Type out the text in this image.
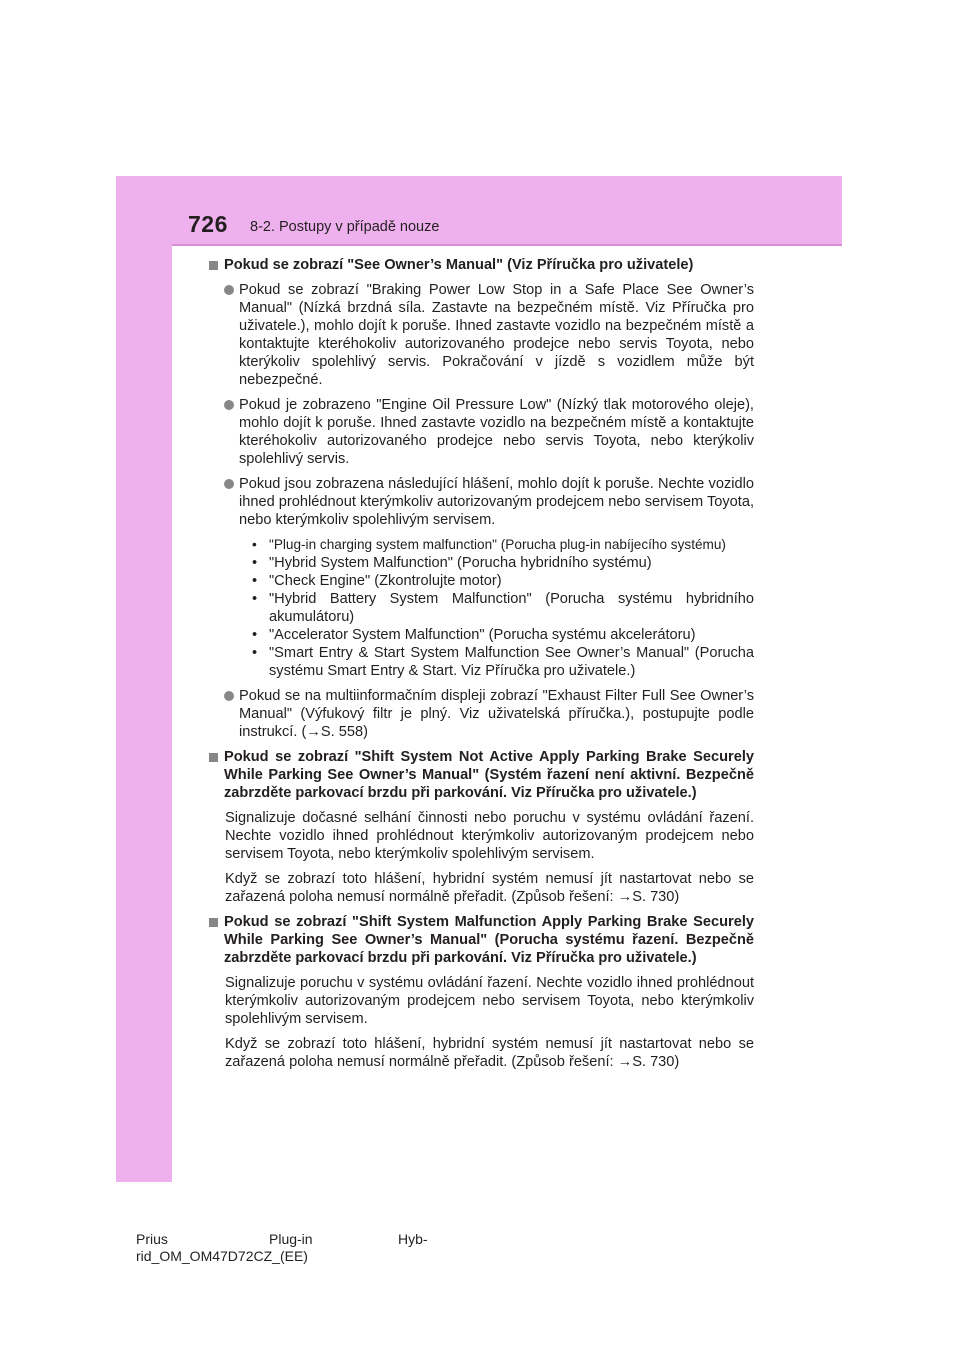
726 8-2. Postupy v případě nouze

Pokud se zobrazí "See Owner’s Manual" (Viz Příručka pro uživatele)

Pokud se zobrazí "Braking Power Low Stop in a Safe Place See Owner’s Manual" (Nízká brzdná síla. Zastavte na bezpečném místě. Viz Příručka pro uživatele.), mohlo dojít k poruše. Ihned zastavte vozidlo na bezpečném místě a kontaktujte kteréhokoliv autorizovaného prodejce nebo servis Toyota, nebo kterýkoliv spolehlivý servis. Pokračování v jízdě s vozidlem může být nebezpečné.
Pokud je zobrazeno "Engine Oil Pressure Low" (Nízký tlak motorového oleje), mohlo dojít k poruše. Ihned zastavte vozidlo na bezpečném místě a kontaktujte kteréhokoliv autorizovaného prodejce nebo servis Toyota, nebo kterýkoliv spolehlivý servis.
Pokud jsou zobrazena následující hlášení, mohlo dojít k poruše. Nechte vozidlo ihned prohlédnout kterýmkoliv autorizovaným prodejcem nebo servisem Toyota, nebo kterýmkoliv spolehlivým servisem.
• "Plug-in charging system malfunction" (Porucha plug-in nabíjecího systému)
• "Hybrid System Malfunction" (Porucha hybridního systému)
• "Check Engine" (Zkontrolujte motor)
• "Hybrid Battery System Malfunction" (Porucha systému hybridního akumulátoru)
• "Accelerator System Malfunction" (Porucha systému akcelerátoru)
• "Smart Entry & Start System Malfunction See Owner’s Manual" (Porucha systému Smart Entry & Start. Viz Příručka pro uživatele.)
Pokud se na multiinformačním displeji zobrazí "Exhaust Filter Full See Owner’s Manual" (Výfukový filtr je plný. Viz uživatelská příručka.), postupujte podle instrukcí. (→S. 558)

Pokud se zobrazí "Shift System Not Active Apply Parking Brake Securely While Parking See Owner’s Manual" (Systém řazení není aktivní. Bezpečně zabrzděte parkovací brzdu při parkování. Viz Příručka pro uživatele.)

Signalizuje dočasné selhání činnosti nebo poruchu v systému ovládání řazení. Nechte vozidlo ihned prohlédnout kterýmkoliv autorizovaným prodejcem nebo servisem Toyota, nebo kterýmkoliv spolehlivým servisem.

Když se zobrazí toto hlášení, hybridní systém nemusí jít nastartovat nebo se zařazená poloha nemusí normálně přeřadit. (Způsob řešení: →S. 730)

Pokud se zobrazí "Shift System Malfunction Apply Parking Brake Securely While Parking See Owner’s Manual" (Porucha systému řazení. Bezpečně zabrzděte parkovací brzdu při parkování. Viz Příručka pro uživatele.)

Signalizuje poruchu v systému ovládání řazení. Nechte vozidlo ihned prohlédnout kterýmkoliv autorizovaným prodejcem nebo servisem Toyota, nebo kterýmkoliv spolehlivým servisem.

Když se zobrazí toto hlášení, hybridní systém nemusí jít nastartovat nebo se zařazená poloha nemusí normálně přeřadit. (Způsob řešení: →S. 730)

Prius	Plug-in	Hyb-
rid_OM_OM47D72CZ_(EE)
